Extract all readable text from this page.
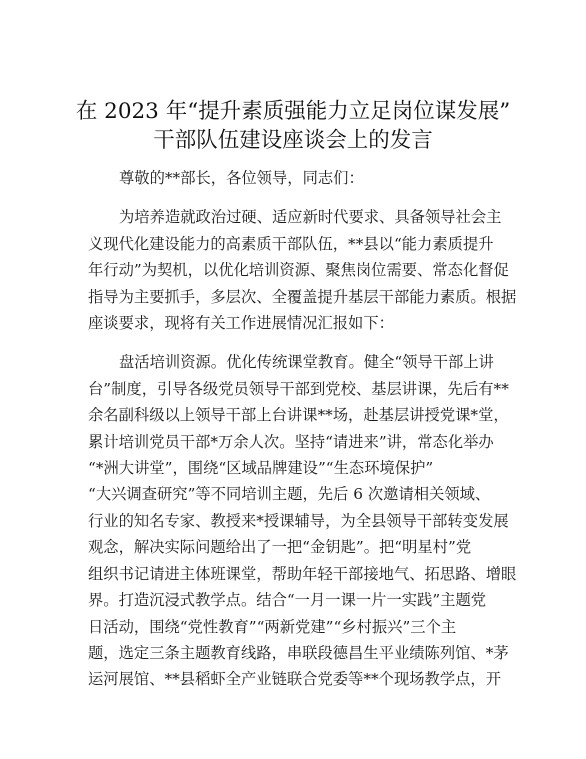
在 2023 年“提升素质强能力立足岗位谋发展”
干部队伍建设座谈会上的发言

尊敬的**部长，各位领导，同志们：

为培养造就政治过硬、适应新时代要求、具备领导社会主
义现代化建设能力的高素质干部队伍，**县以“能力素质提升
年行动”为契机，以优化培训资源、聚焦岗位需要、常态化督促
指导为主要抓手，多层次、全覆盖提升基层干部能力素质。根据
座谈要求，现将有关工作进展情况汇报如下：

盘活培训资源。优化传统课堂教育。健全“领导干部上讲
台”制度，引导各级党员领导干部到党校、基层讲课，先后有**
余名副科级以上领导干部上台讲课**场，赴基层讲授党课*堂，
累计培训党员干部*万余人次。坚持“请进来”讲，常态化举办
“*洲大讲堂”，围绕“区域品牌建设”“生态环境保护”
“大兴调查研究”等不同培训主题，先后 6 次邀请相关领域、
行业的知名专家、教授来*授课辅导，为全县领导干部转变发展
观念，解决实际问题给出了一把“金钥匙”。把“明星村”党
组织书记请进主体班课堂，帮助年轻干部接地气、拓思路、增眼
界。打造沉浸式教学点。结合“一月一课一片一实践”主题党
日活动，围绕“党性教育”“两新党建”“乡村振兴”三个主
题，选定三条主题教育线路，串联段德昌生平业绩陈列馆、*茅
运河展馆、**县稻虾全产业链联合党委等**个现场教学点，开
